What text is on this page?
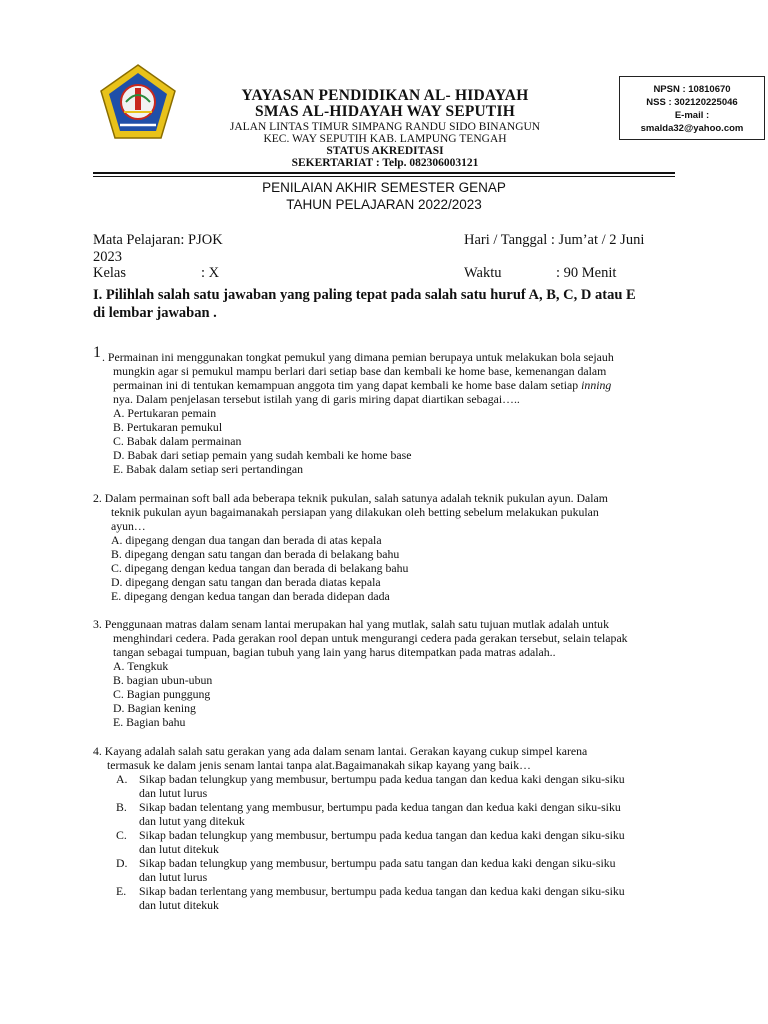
YAYASAN PENDIDIKAN AL- HIDAYAH
SMAS AL-HIDAYAH WAY SEPUTIH
JALAN LINTAS TIMUR SIMPANG RANDU SIDO BINANGUN
KEC. WAY SEPUTIH KAB. LAMPUNG TENGAH
STATUS AKREDITASI
SEKERTARIAT : Telp. 082306003121
NPSN : 10810670
NSS : 302120225046
E-mail :
smalda32@yahoo.com
PENILAIAN AKHIR SEMESTER GENAP
TAHUN PELAJARAN 2022/2023
Mata Pelajaran: PJOK	Hari / Tanggal : Jum’at / 2 Juni
2023
Kelas	: X	Waktu	: 90 Menit
I. Pilihlah salah satu jawaban yang paling tepat pada salah satu huruf A, B, C, D atau E
di lembar jawaban .
1 . Permainan ini menggunakan tongkat pemukul yang dimana pemian berupaya untuk melakukan bola sejauh
mungkin agar si pemukul mampu berlari dari setiap base dan kembali ke home base, kemenangan dalam
permainan ini di tentukan kemampuan anggota tim yang dapat kembali ke home base dalam setiap inning
nya. Dalam penjelasan tersebut istilah yang di garis miring dapat diartikan sebagai…..
A. Pertukaran pemain
B. Pertukaran pemukul
C. Babak dalam permainan
D. Babak dari setiap pemain yang sudah kembali ke home base
E. Babak dalam setiap seri pertandingan
2. Dalam permainan soft ball ada beberapa teknik pukulan, salah satunya adalah teknik pukulan ayun. Dalam
teknik pukulan ayun bagaimanakah persiapan yang dilakukan oleh betting sebelum melakukan pukulan
ayun…
A. dipegang dengan dua tangan dan berada di atas kepala
B. dipegang dengan satu tangan dan berada di belakang bahu
C. dipegang dengan kedua tangan dan berada di belakang bahu
D. dipegang dengan satu tangan dan berada diatas kepala
E. dipegang dengan kedua tangan dan berada didepan dada
3. Penggunaan matras dalam senam lantai merupakan hal yang mutlak, salah satu tujuan mutlak adalah untuk
menghindari cedera. Pada gerakan rool depan untuk mengurangi cedera pada gerakan tersebut, selain telapak
tangan sebagai tumpuan, bagian tubuh yang lain yang harus ditempatkan pada matras adalah..
A. Tengkuk
B. bagian ubun-ubun
C. Bagian punggung
D. Bagian kening
E. Bagian bahu
4. Kayang adalah salah satu gerakan yang ada dalam senam lantai. Gerakan kayang cukup simpel karena
termasuk ke dalam jenis senam lantai tanpa alat.Bagaimanakah sikap kayang yang baik…
A. Sikap badan telungkup yang membusur, bertumpu pada kedua tangan dan kedua kaki dengan siku-siku
dan lutut lurus
B. Sikap badan telentang yang membusur, bertumpu pada kedua tangan dan kedua kaki dengan siku-siku
dan lutut yang ditekuk
C. Sikap badan telungkup yang membusur, bertumpu pada kedua tangan dan kedua kaki dengan siku-siku
dan lutut ditekuk
D. Sikap badan telungkup yang membusur, bertumpu pada satu tangan dan kedua kaki dengan siku-siku
dan lutut lurus
E. Sikap badan terlentang yang membusur, bertumpu pada kedua tangan dan kedua kaki dengan siku-siku
dan lutut ditekuk
